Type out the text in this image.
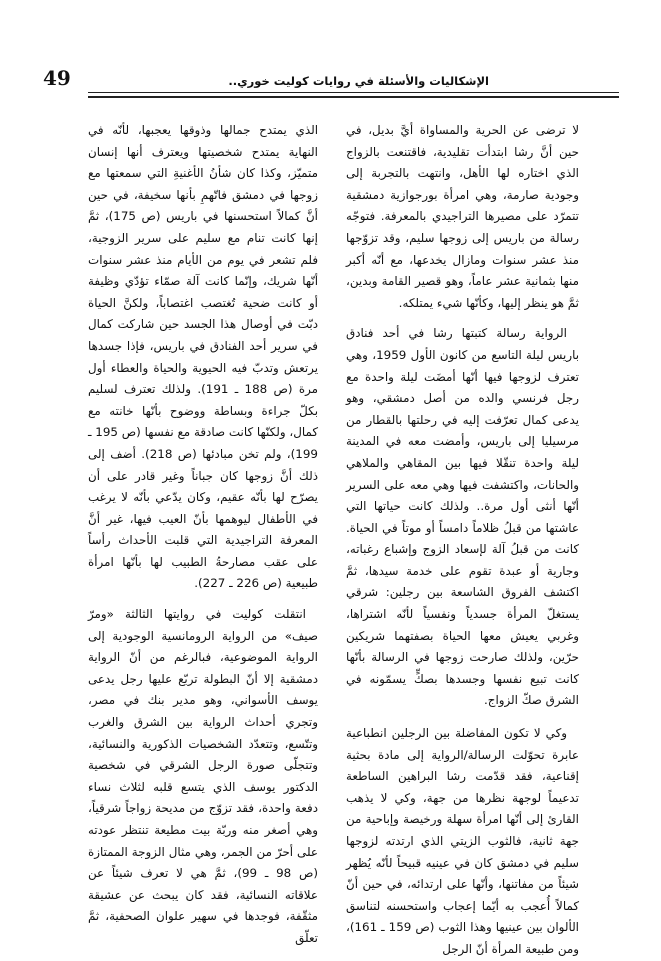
49	الإشكاليات والأسئلة في روايات كوليت خوري..

لا ترضى عن الحرية والمساواة أيَّ بديل، في حين أنَّ رشا ابتدأت تقليدية، فاقتنعت بالزواج الذي اختاره لها الأهل، وانتهت بالتجربة إلى وجودية صارمة، وهي امرأة بورجوازية دمشقية تتمرّد على مصيرها التراجيدي بالمعرفة. فتوجّه رسالة من باريس إلى زوجها سليم، وقد تزوّجها منذ عشر سنوات ومازال يخدعها، مع أنّه أكبر منها بثمانية عشر عاماً، وهو قصير القامة وبدين، ثمَّ هو ينظر إليها، وكأنّها شيء يمتلكه.

الرواية رسالة كتبتها رشا في أحد فنادق باريس ليلة التاسع من كانون الأول 1959، وهي تعترف لزوجها فيها أنّها أمضَت ليلة واحدة مع رجل فرنسي والده من أصل دمشقي، وهو يدعى كمال تعرّفت إليه في رحلتها بالقطار من مرسيليا إلى باريس، وأمضت معه في المدينة ليلة واحدة تنقّلا فيها بين المقاهي والملاهي والحانات، واكتشفت فيها وهي معه على السرير أنّها أنثى أول مرة.. ولذلك كانت حياتها التي عاشتها من قبلُ ظلاماً دامساً أو موتاً في الحياة. كانت من قبلُ آلة لإسعاد الزوج وإشباع رغباته، وجارية أو عبدة تقوم على خدمة سيدها، ثمَّ اكتشف الفروق الشاسعة بين رجلين: شرقي يستغلّ المرأة جسدياً ونفسياً لأنّه اشتراها، وغربي يعيش معها الحياة بصفتهما شريكين حرّين، ولذلك صارحت زوجها في الرسالة بأنّها كانت تبيع نفسها وجسدها بصكٍّ يسمّونه في الشرق صكّ الزواج.

وكي لا تكون المفاضلة بين الرجلين انطباعية عابرة تحوّلت الرسالة/الرواية إلى مادة بحثية إقناعية، فقد قدّمت رشا البراهين الساطعة تدعيماً لوجهة نظرها من جهة، وكي لا يذهب القارئ إلى أنّها امرأة سهلة ورخيصة وإباحية من جهة ثانية، فالثوب الزيتي الذي ارتدته لزوجها سليم في دمشق كان في عينيه قبيحاً لأنّه يُظهر شيئاً من مفاتنها، وأنّها على ارتدائه، في حين أنّ كمالاً أُعجب به أيّما إعجاب واستحسنه لتناسق الألوان بين عينيها وهذا الثوب (ص 159 ـ 161)، ومن طبيعة المرأة أنّ الرجل

الذي يمتدح جمالها وذوقها يعجبها، لأنّه في النهاية يمتدح شخصيتها ويعترف أنها إنسان متميّز، وكذا كان شأنُ الأغنيةِ التي سمعتها مع زوجها في دمشق فاتّهمِ بأنها سخيفة، في حين أنَّ كمالاً استحسنها في باريس (ص 175)، ثمَّ إنها كانت تنام مع سليم على سرير الزوجية، فلم تشعر في يوم من الأيام منذ عشر سنوات أنّها شريك، وإنّما كانت آلة صمّاء تؤدّي وظيفة أو كانت ضحية تُغتصب اغتصاباً، ولكنَّ الحياة دبّت في أوصال هذا الجسد حين شاركت كمال في سرير أحد الفنادق في باريس، فإذا جسدها يرتعش وتدبّ فيه الحيوية والحياة والعطاء أول مرة (ص 188 ـ 191). ولذلك تعترف لسليم بكلّ جراءة وبساطة ووضوح بأنّها خانته مع كمال، ولكنّها كانت صادقة مع نفسها (ص 195 ـ 199)، ولم تخن مبادئها (ص 218). أضف إلى ذلك أنَّ زوجها كان جباناً وغير قادر على أن يصرّح لها بأنّه عقيم، وكان يدّعي بأنّه لا يرغب في الأطفال ليوهمها بأنّ العيب فيها، غير أنَّ المعرفة التراجيدية التي قلبت الأحداث رأساً على عقب مصارحةُ الطبيب لها بأنّها امرأة طبيعية (ص 226 ـ 227).

انتقلت كوليت في روايتها الثالثة «ومرّ صيف» من الرواية الرومانسية الوجودية إلى الرواية الموضوعية، فبالرغم من أنّ الرواية دمشقية إلا أنّ البطولة تربّع عليها رجل يدعى يوسف الأسواني، وهو مدير بنك في مصر، وتجري أحداث الرواية بين الشرق والغرب وتتّسع، وتتعدّد الشخصيات الذكورية والنسائية، وتتجلّى صورة الرجل الشرقي في شخصية الدكتور يوسف الذي يتسع قلبه لثلاث نساء دفعة واحدة، فقد تزوّج من مديحة زواجاً شرقياً، وهي أصغر منه وربّة بيت مطيعة تنتظر عودته على أحرّ من الجمر، وهي مثال الزوجة الممتازة (ص 98 ـ 99)، ثمَّ هي لا تعرف شيئاً عن علاقاته النسائية، فقد كان يبحث عن عشيقة مثقّفة، فوجدها في سهير علوان الصحفية، ثمَّ تعلّق
